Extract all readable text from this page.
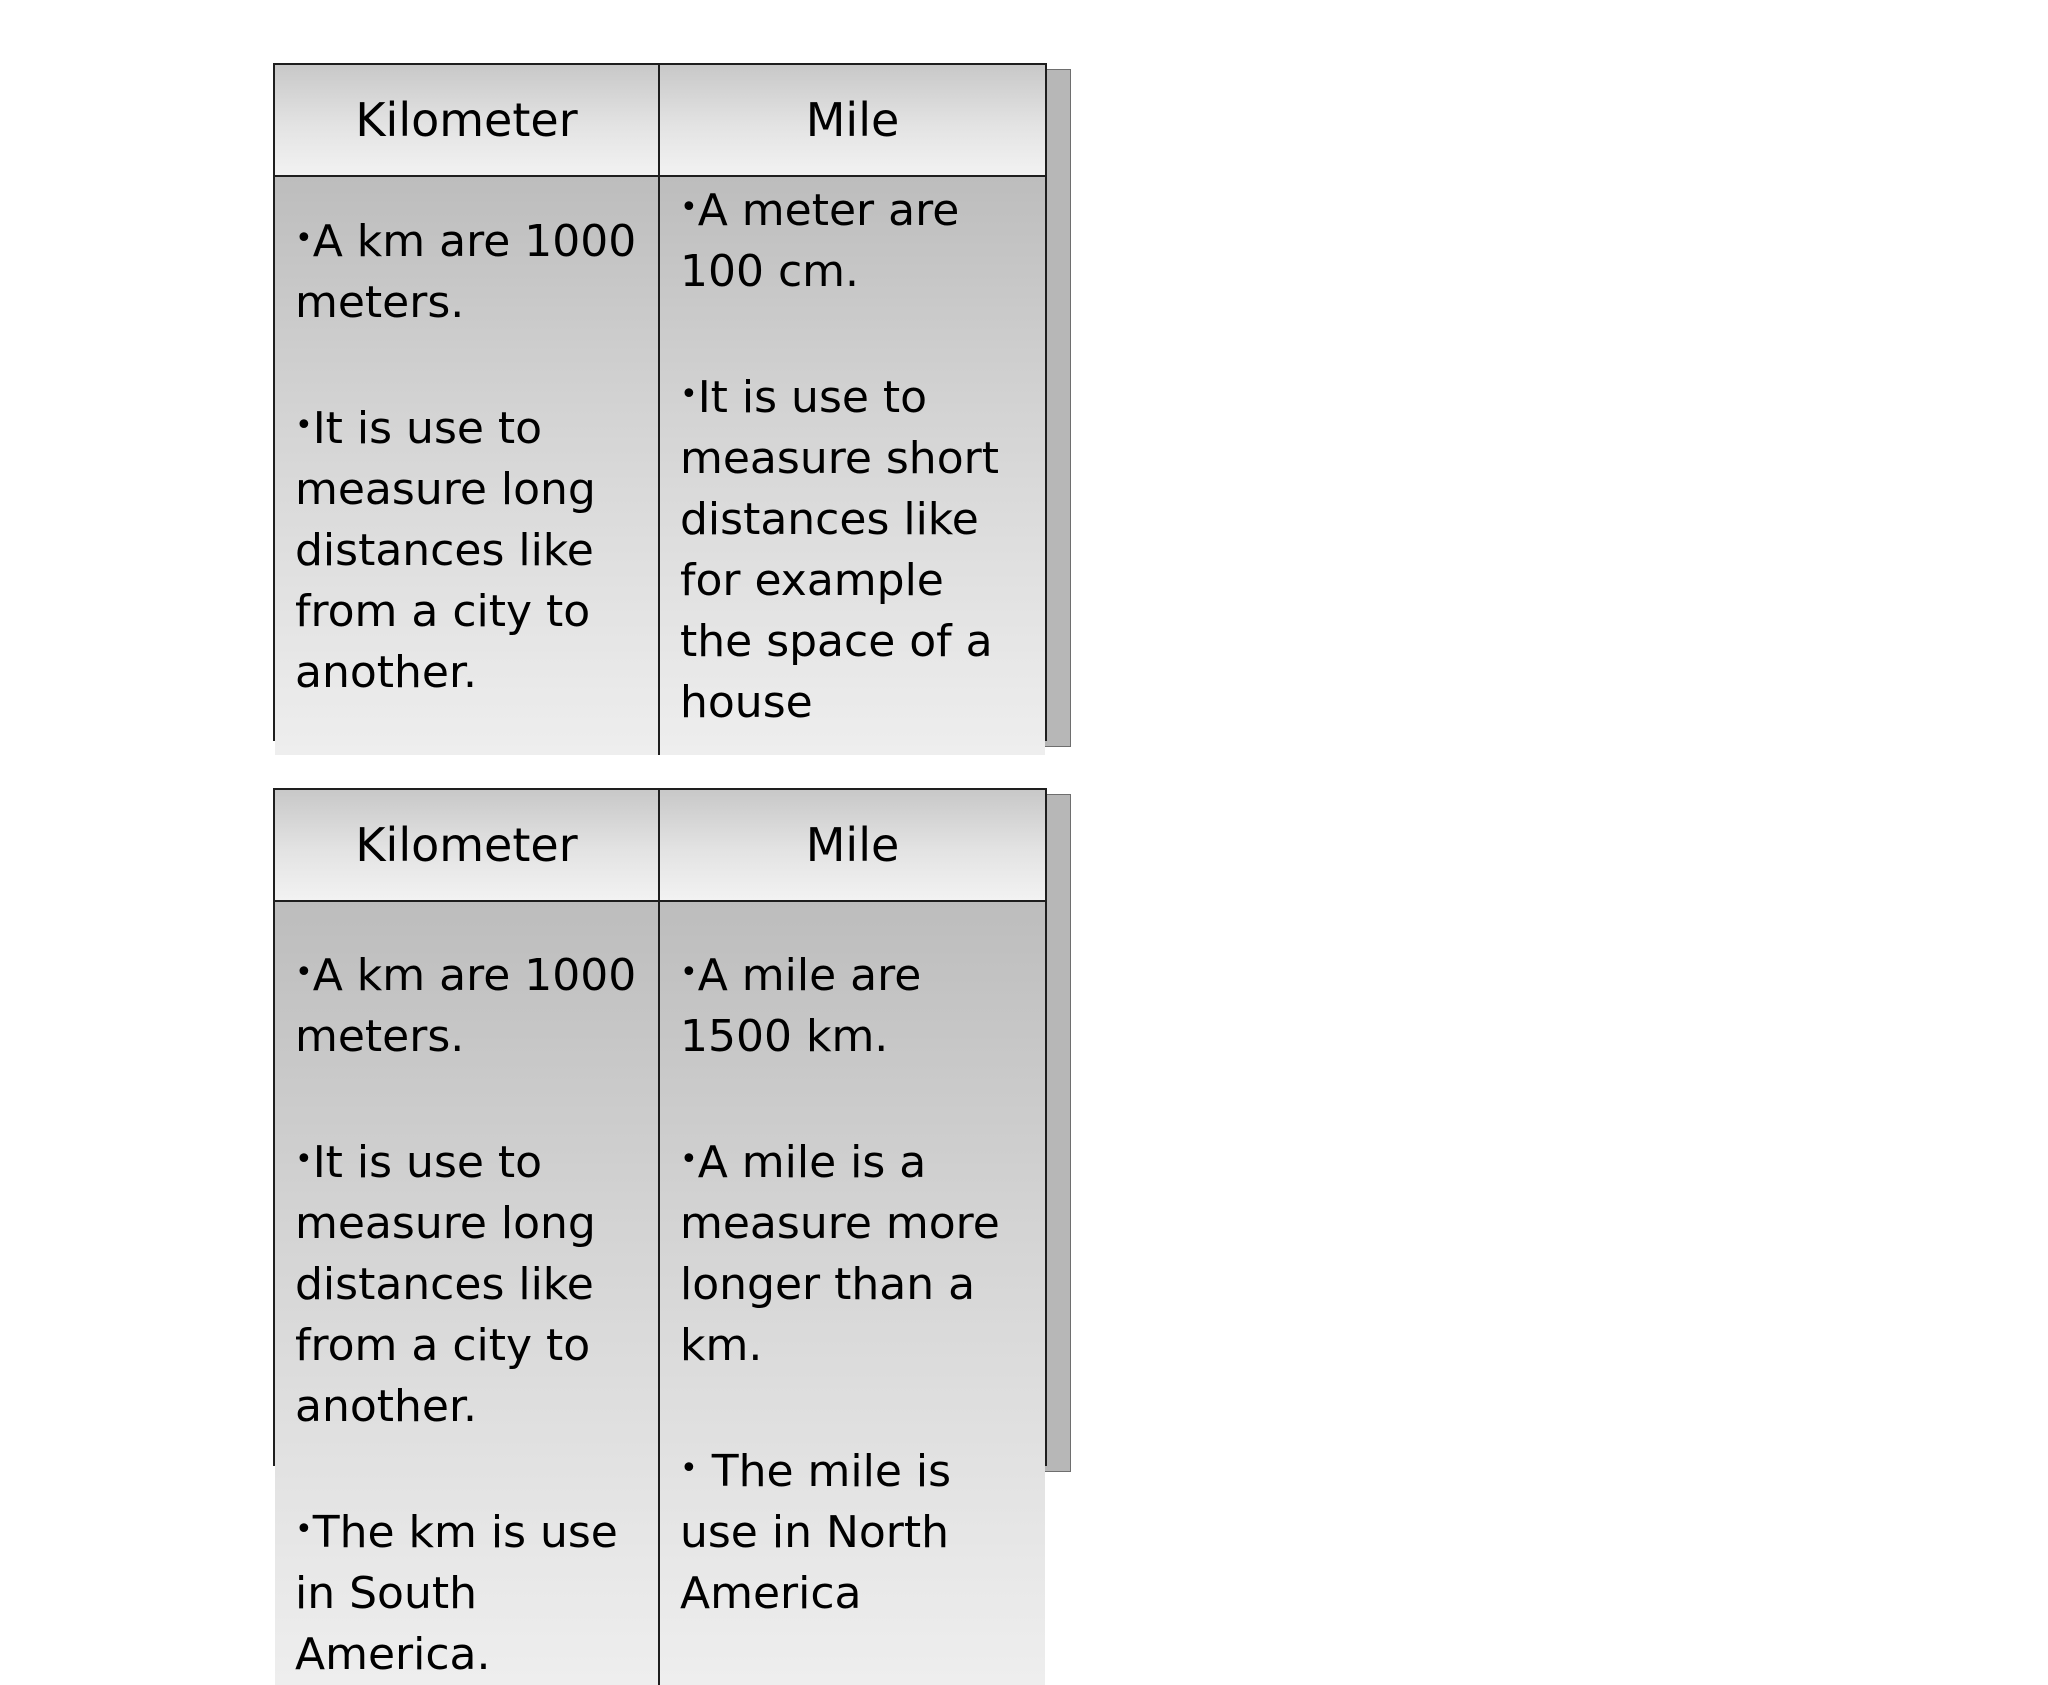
Kilometer	Mile
•A km are 1000 meters.
•It is use to measure long distances like from a city to another.
•A meter are 100 cm.
•It is use to measure short distances like for example the space of a house
Kilometer	Mile
•A km are 1000 meters.
•It is use to measure long distances like from a city to another.
•The km is use in South America.
•A mile are 1500 km.
•A mile is a measure more longer than a km.
• The mile is use in North America
